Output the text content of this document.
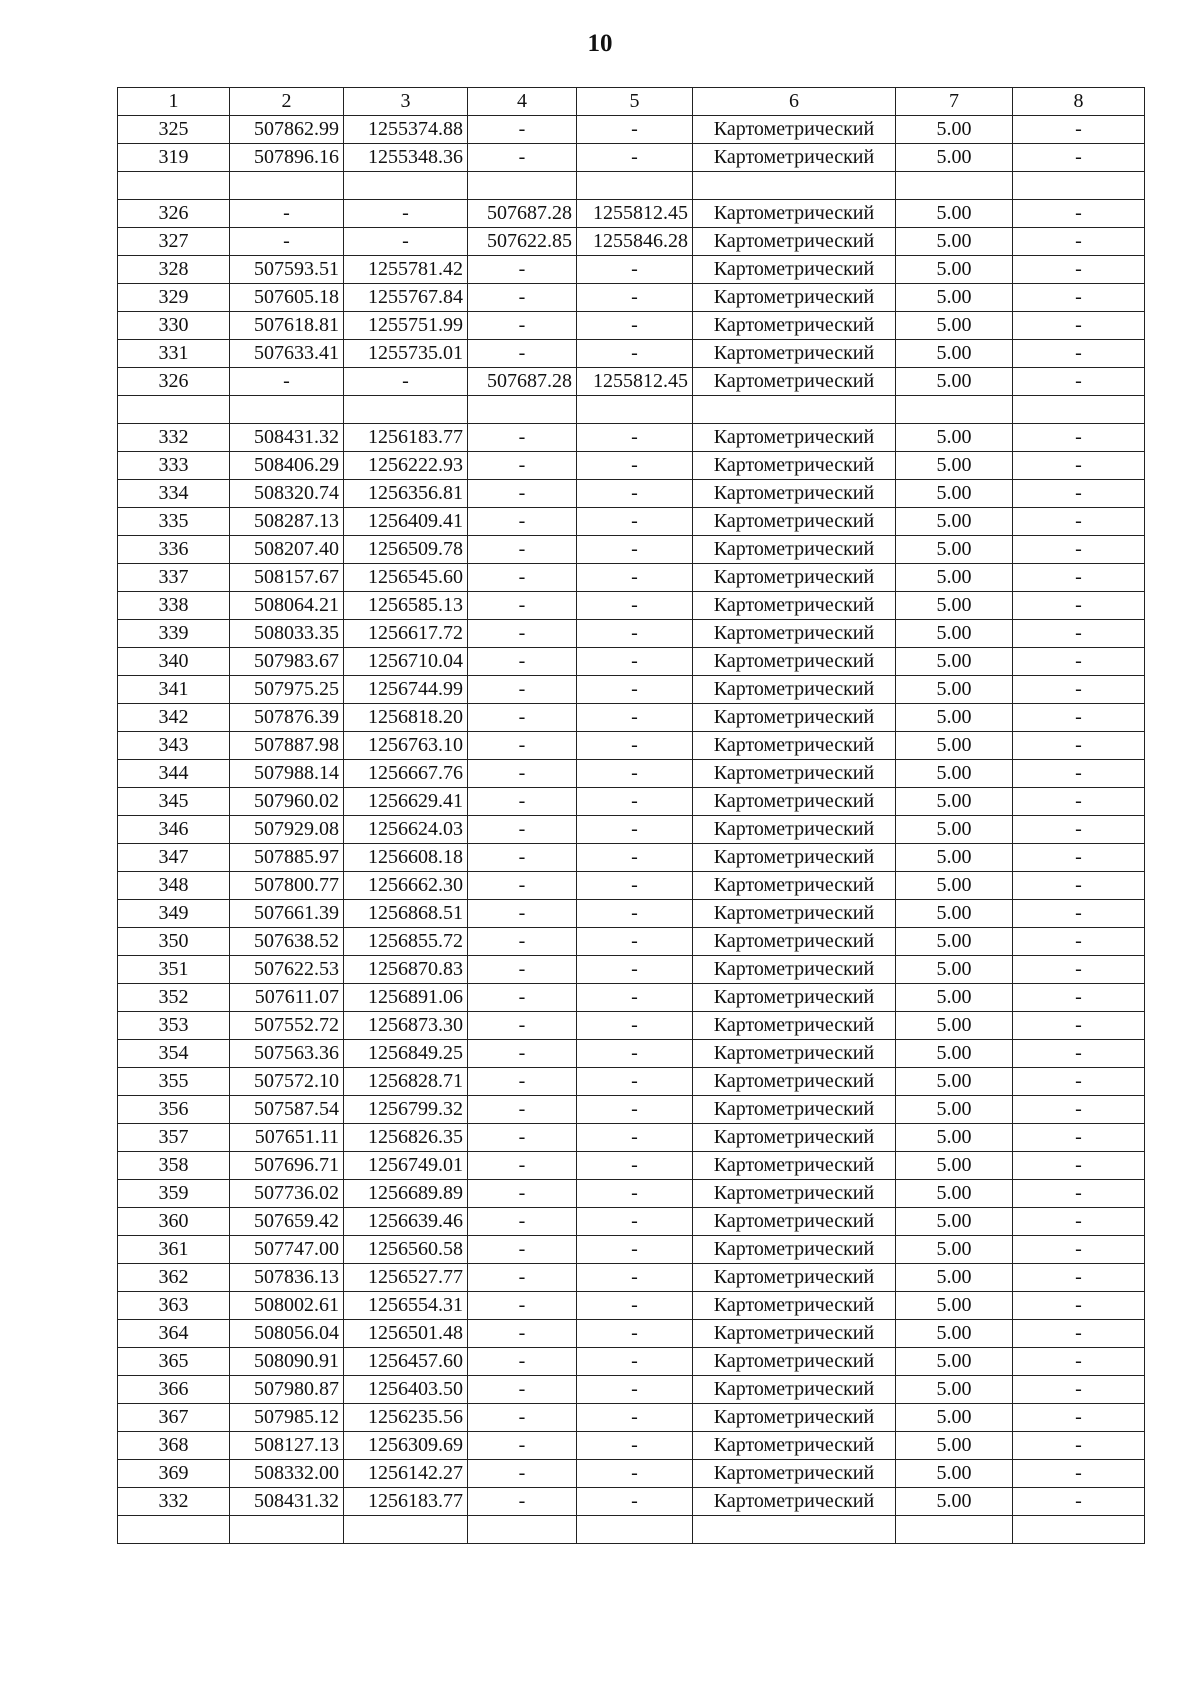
10
1	2	3	4	5	6	7	8
325	507862.99	1255374.88	-	-	Картометрический	5.00	-
319	507896.16	1255348.36	-	-	Картометрический	5.00	-

326	-	-	507687.28	1255812.45	Картометрический	5.00	-
327	-	-	507622.85	1255846.28	Картометрический	5.00	-
328	507593.51	1255781.42	-	-	Картометрический	5.00	-
329	507605.18	1255767.84	-	-	Картометрический	5.00	-
330	507618.81	1255751.99	-	-	Картометрический	5.00	-
331	507633.41	1255735.01	-	-	Картометрический	5.00	-
326	-	-	507687.28	1255812.45	Картометрический	5.00	-

332	508431.32	1256183.77	-	-	Картометрический	5.00	-
333	508406.29	1256222.93	-	-	Картометрический	5.00	-
334	508320.74	1256356.81	-	-	Картометрический	5.00	-
335	508287.13	1256409.41	-	-	Картометрический	5.00	-
336	508207.40	1256509.78	-	-	Картометрический	5.00	-
337	508157.67	1256545.60	-	-	Картометрический	5.00	-
338	508064.21	1256585.13	-	-	Картометрический	5.00	-
339	508033.35	1256617.72	-	-	Картометрический	5.00	-
340	507983.67	1256710.04	-	-	Картометрический	5.00	-
341	507975.25	1256744.99	-	-	Картометрический	5.00	-
342	507876.39	1256818.20	-	-	Картометрический	5.00	-
343	507887.98	1256763.10	-	-	Картометрический	5.00	-
344	507988.14	1256667.76	-	-	Картометрический	5.00	-
345	507960.02	1256629.41	-	-	Картометрический	5.00	-
346	507929.08	1256624.03	-	-	Картометрический	5.00	-
347	507885.97	1256608.18	-	-	Картометрический	5.00	-
348	507800.77	1256662.30	-	-	Картометрический	5.00	-
349	507661.39	1256868.51	-	-	Картометрический	5.00	-
350	507638.52	1256855.72	-	-	Картометрический	5.00	-
351	507622.53	1256870.83	-	-	Картометрический	5.00	-
352	507611.07	1256891.06	-	-	Картометрический	5.00	-
353	507552.72	1256873.30	-	-	Картометрический	5.00	-
354	507563.36	1256849.25	-	-	Картометрический	5.00	-
355	507572.10	1256828.71	-	-	Картометрический	5.00	-
356	507587.54	1256799.32	-	-	Картометрический	5.00	-
357	507651.11	1256826.35	-	-	Картометрический	5.00	-
358	507696.71	1256749.01	-	-	Картометрический	5.00	-
359	507736.02	1256689.89	-	-	Картометрический	5.00	-
360	507659.42	1256639.46	-	-	Картометрический	5.00	-
361	507747.00	1256560.58	-	-	Картометрический	5.00	-
362	507836.13	1256527.77	-	-	Картометрический	5.00	-
363	508002.61	1256554.31	-	-	Картометрический	5.00	-
364	508056.04	1256501.48	-	-	Картометрический	5.00	-
365	508090.91	1256457.60	-	-	Картометрический	5.00	-
366	507980.87	1256403.50	-	-	Картометрический	5.00	-
367	507985.12	1256235.56	-	-	Картометрический	5.00	-
368	508127.13	1256309.69	-	-	Картометрический	5.00	-
369	508332.00	1256142.27	-	-	Картометрический	5.00	-
332	508431.32	1256183.77	-	-	Картометрический	5.00	-
